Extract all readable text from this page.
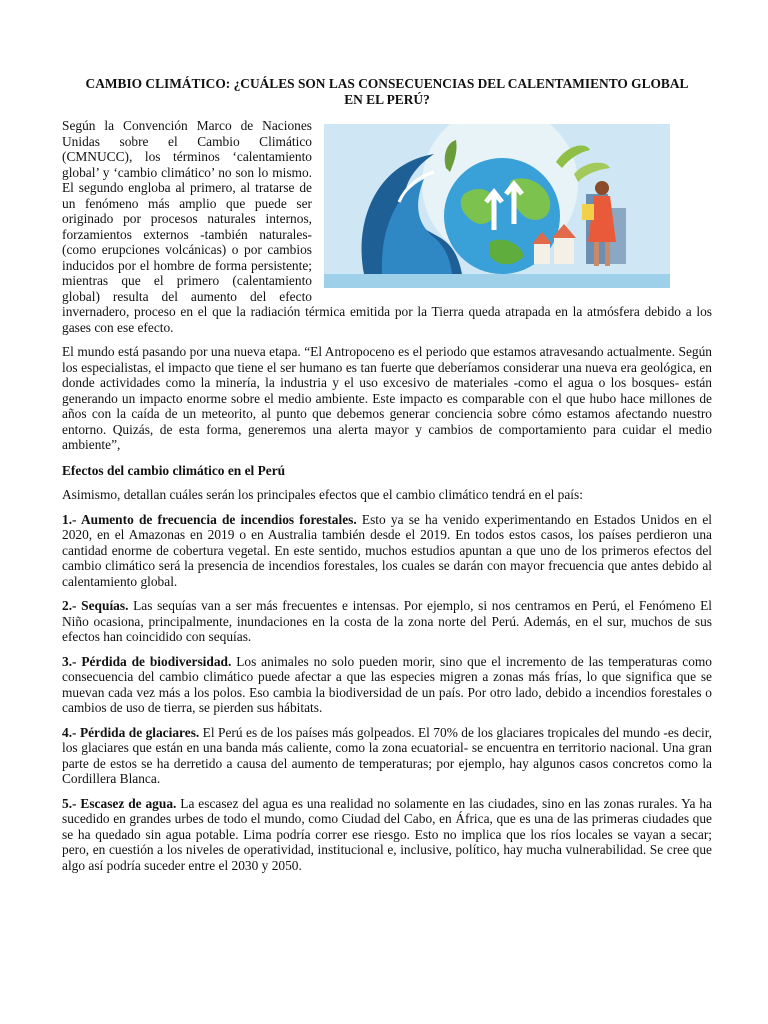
CAMBIO CLIMÁTICO: ¿CUÁLES SON LAS CONSECUENCIAS DEL CALENTAMIENTO GLOBAL
EN EL PERÚ?

Según la Convención Marco de Naciones Unidas sobre el Cambio Climático (CMNUCC), los términos ‘calentamiento global’ y ‘cambio climático’ no son lo mismo. El segundo engloba al primero, al tratarse de un fenómeno más amplio que puede ser originado por procesos naturales internos, forzamientos externos -también naturales- (como erupciones volcánicas) o por cambios inducidos por el hombre de forma persistente; mientras que el primero (calentamiento global) resulta del aumento del efecto invernadero, proceso en el que la radiación térmica emitida por la Tierra queda atrapada en la atmósfera debido a los gases con ese efecto.

El mundo está pasando por una nueva etapa. “El Antropoceno es el periodo que estamos atravesando actualmente. Según los especialistas, el impacto que tiene el ser humano es tan fuerte que deberíamos considerar una nueva era geológica, en donde actividades como la minería, la industria y el uso excesivo de materiales -como el agua o los bosques- están generando un impacto enorme sobre el medio ambiente. Este impacto es comparable con el que hubo hace millones de años con la caída de un meteorito, al punto que debemos generar conciencia sobre cómo estamos afectando nuestro entorno. Quizás, de esta forma, generemos una alerta mayor y cambios de comportamiento para cuidar el medio ambiente”,

Efectos del cambio climático en el Perú

Asimismo, detallan cuáles serán los principales efectos que el cambio climático tendrá en el país:

1.- Aumento de frecuencia de incendios forestales. Esto ya se ha venido experimentando en Estados Unidos en el 2020, en el Amazonas en 2019 o en Australia también desde el 2019. En todos estos casos, los países perdieron una cantidad enorme de cobertura vegetal. En este sentido, muchos estudios apuntan a que uno de los primeros efectos del cambio climático será la presencia de incendios forestales, los cuales se darán con mayor frecuencia que antes debido al calentamiento global.

2.- Sequías. Las sequías van a ser más frecuentes e intensas. Por ejemplo, si nos centramos en Perú, el Fenómeno El Niño ocasiona, principalmente, inundaciones en la costa de la zona norte del Perú. Además, en el sur, muchos de sus efectos han coincidido con sequías.

3.- Pérdida de biodiversidad. Los animales no solo pueden morir, sino que el incremento de las temperaturas como consecuencia del cambio climático puede afectar a que las especies migren a zonas más frías, lo que significa que se muevan cada vez más a los polos. Eso cambia la biodiversidad de un país. Por otro lado, debido a incendios forestales o cambios de uso de tierra, se pierden sus hábitats.

4.- Pérdida de glaciares. El Perú es de los países más golpeados. El 70% de los glaciares tropicales del mundo -es decir, los glaciares que están en una banda más caliente, como la zona ecuatorial- se encuentra en territorio nacional. Una gran parte de estos se ha derretido a causa del aumento de temperaturas; por ejemplo, hay algunos casos concretos como la Cordillera Blanca.

5.- Escasez de agua. La escasez del agua es una realidad no solamente en las ciudades, sino en las zonas rurales. Ya ha sucedido en grandes urbes de todo el mundo, como Ciudad del Cabo, en África, que es una de las primeras ciudades que se ha quedado sin agua potable. Lima podría correr ese riesgo. Esto no implica que los ríos locales se vayan a secar; pero, en cuestión a los niveles de operatividad, institucional e, inclusive, político, hay mucha vulnerabilidad. Se cree que algo así podría suceder entre el 2030 y 2050.
